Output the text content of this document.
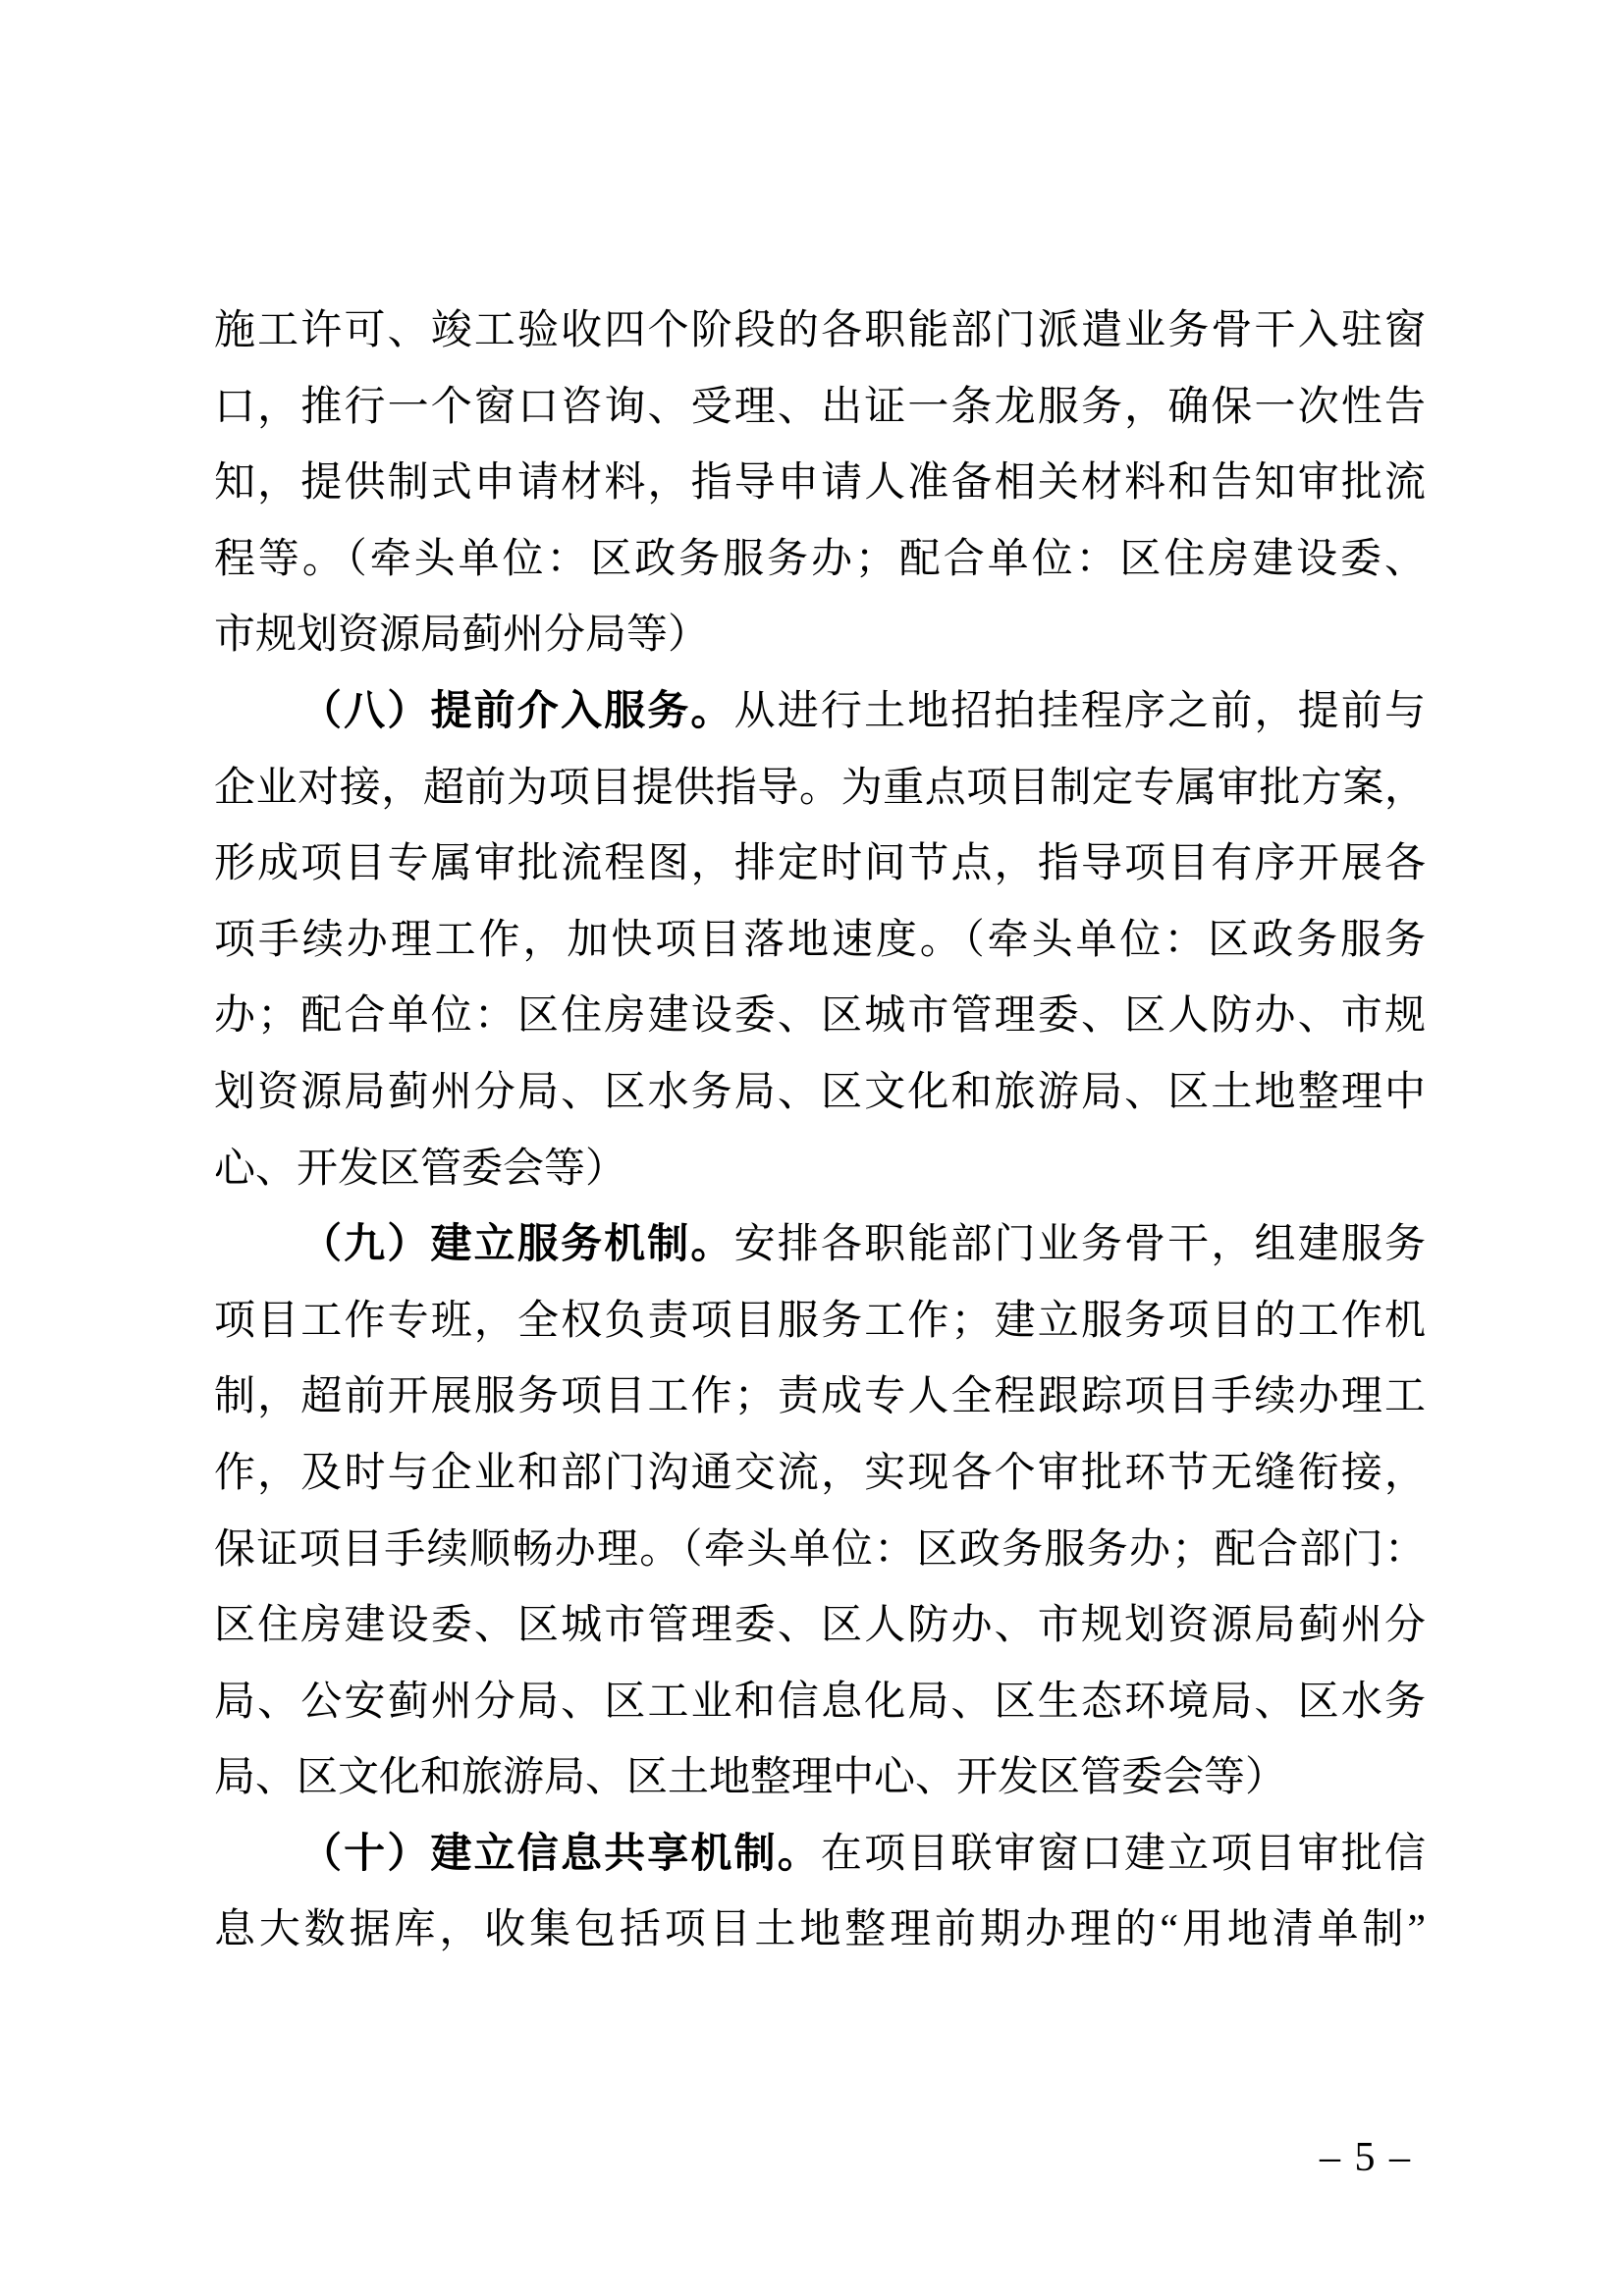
施工许可、竣工验收四个阶段的各职能部门派遣业务骨干入驻窗
口，推行一个窗口咨询、受理、出证一条龙服务，确保一次性告
知，提供制式申请材料，指导申请人准备相关材料和告知审批流
程等。（牵头单位：区政务服务办；配合单位：区住房建设委、
市规划资源局蓟州分局等）
（八）提前介入服务。从进行土地招拍挂程序之前，提前与
企业对接，超前为项目提供指导。为重点项目制定专属审批方案，
形成项目专属审批流程图，排定时间节点，指导项目有序开展各
项手续办理工作，加快项目落地速度。（牵头单位：区政务服务
办；配合单位：区住房建设委、区城市管理委、区人防办、市规
划资源局蓟州分局、区水务局、区文化和旅游局、区土地整理中
心、开发区管委会等）
（九）建立服务机制。安排各职能部门业务骨干，组建服务
项目工作专班，全权负责项目服务工作；建立服务项目的工作机
制，超前开展服务项目工作；责成专人全程跟踪项目手续办理工
作，及时与企业和部门沟通交流，实现各个审批环节无缝衔接，
保证项目手续顺畅办理。（牵头单位：区政务服务办；配合部门：
区住房建设委、区城市管理委、区人防办、市规划资源局蓟州分
局、公安蓟州分局、区工业和信息化局、区生态环境局、区水务
局、区文化和旅游局、区土地整理中心、开发区管委会等）
（十）建立信息共享机制。在项目联审窗口建立项目审批信
息大数据库，收集包括项目土地整理前期办理的“用地清单制”
– 5 –
